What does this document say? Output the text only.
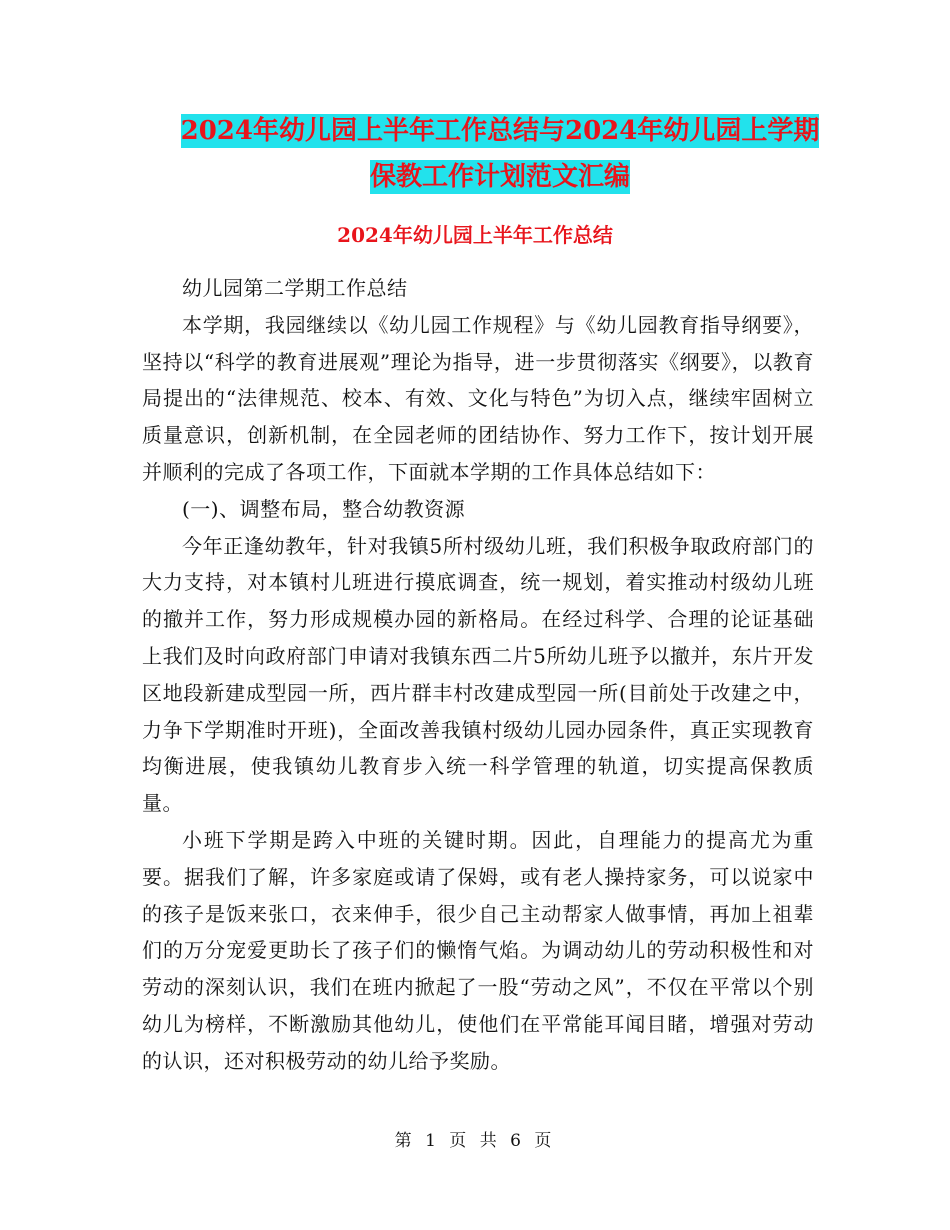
2024年幼儿园上半年工作总结与2024年幼儿园上学期
保教工作计划范文汇编
2024年幼儿园上半年工作总结

幼儿园第二学期工作总结

本学期，我园继续以《幼儿园工作规程》与《幼儿园教育指导纲要》，坚持以“科学的教育进展观”理论为指导，进一步贯彻落实《纲要》，以教育局提出的“法律规范、校本、有效、文化与特色”为切入点，继续牢固树立质量意识，创新机制，在全园老师的团结协作、努力工作下，按计划开展并顺利的完成了各项工作，下面就本学期的工作具体总结如下：

(一)、调整布局，整合幼教资源

今年正逢幼教年，针对我镇5所村级幼儿班，我们积极争取政府部门的大力支持，对本镇村儿班进行摸底调查，统一规划，着实推动村级幼儿班的撤并工作，努力形成规模办园的新格局。在经过科学、合理的论证基础上我们及时向政府部门申请对我镇东西二片5所幼儿班予以撤并，东片开发区地段新建成型园一所，西片群丰村改建成型园一所(目前处于改建之中，力争下学期准时开班)，全面改善我镇村级幼儿园办园条件，真正实现教育均衡进展，使我镇幼儿教育步入统一科学管理的轨道，切实提高保教质量。

小班下学期是跨入中班的关键时期。因此，自理能力的提高尤为重要。据我们了解，许多家庭或请了保姆，或有老人操持家务，可以说家中的孩子是饭来张口，衣来伸手，很少自己主动帮家人做事情，再加上祖辈们的万分宠爱更助长了孩子们的懒惰气焰。为调动幼儿的劳动积极性和对劳动的深刻认识，我们在班内掀起了一股“劳动之风”，不仅在平常以个别幼儿为榜样，不断激励其他幼儿，使他们在平常能耳闻目睹，增强对劳动的认识，还对积极劳动的幼儿给予奖励。

第 1 页 共 6 页
